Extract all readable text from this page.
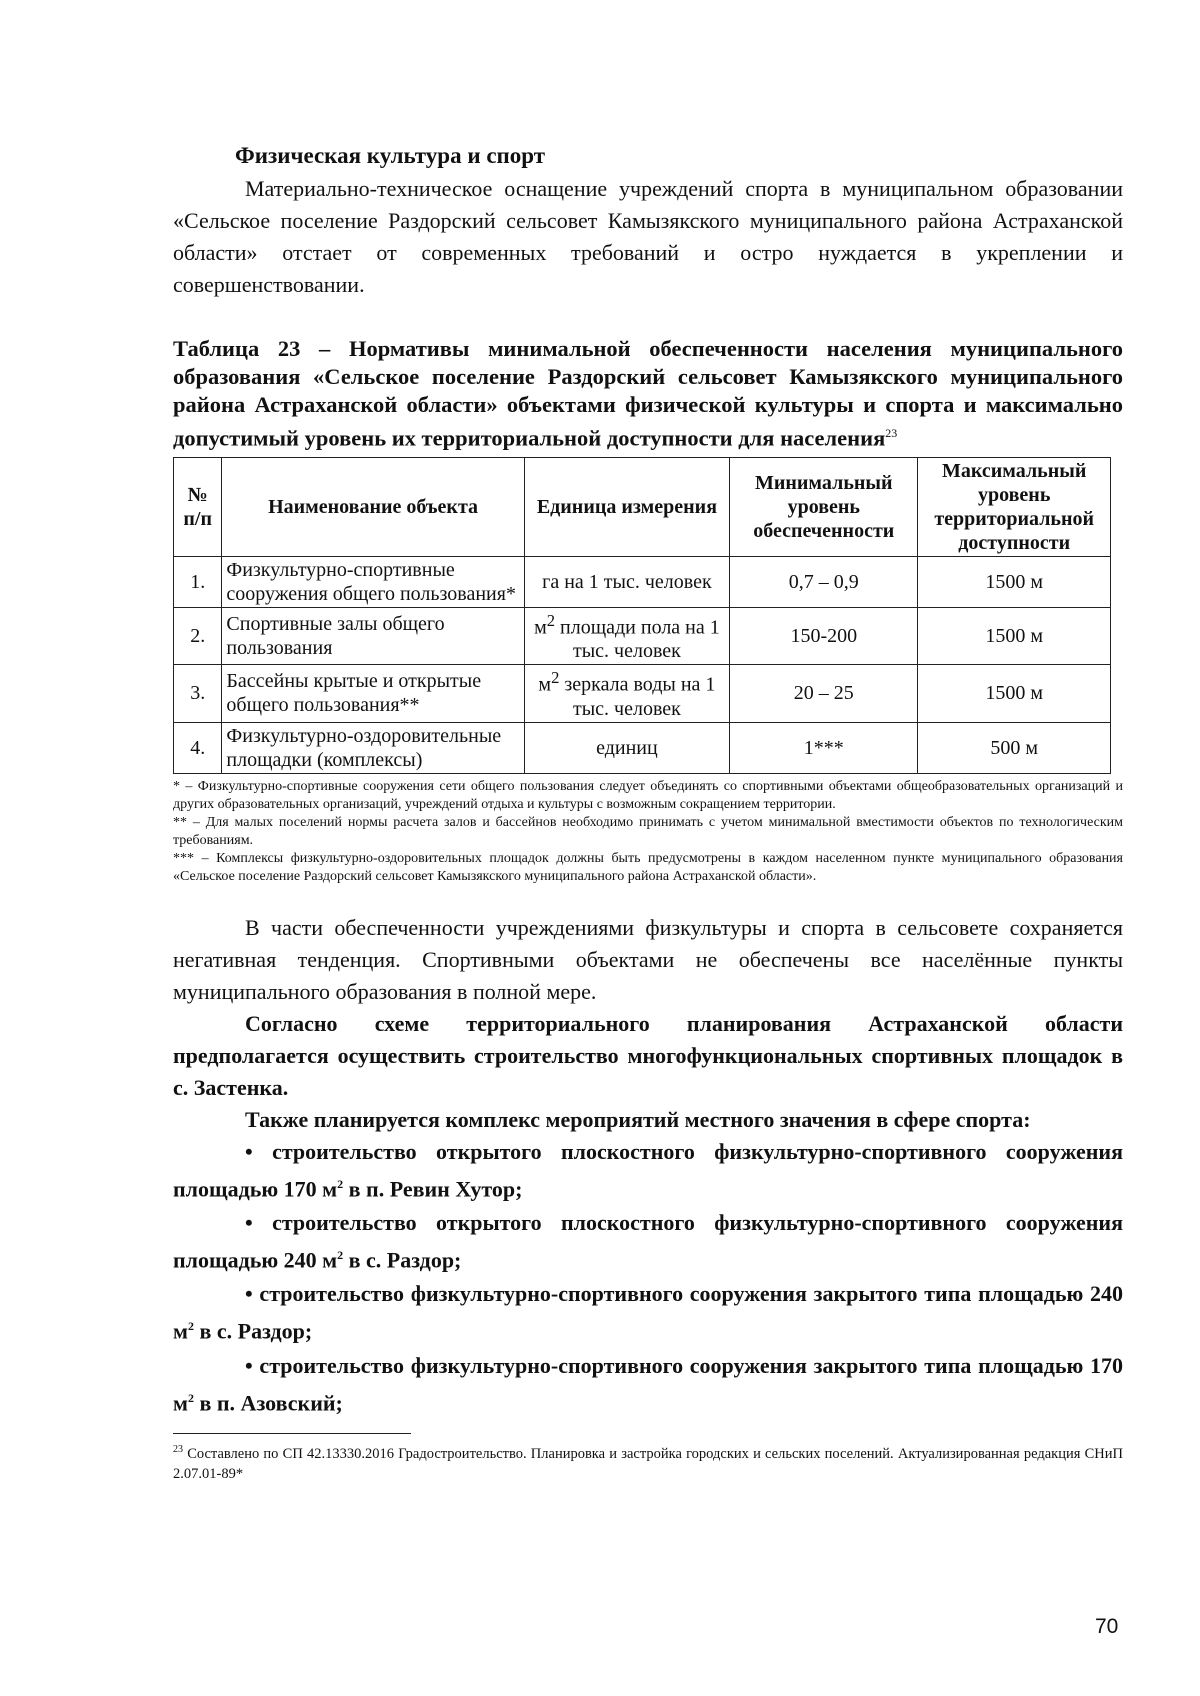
Физическая культура и спорт

Материально-техническое оснащение учреждений спорта в муниципальном образовании «Сельское поселение Раздорский сельсовет Камызякского муниципального района Астраханской области» отстает от современных требований и остро нуждается в укреплении и совершенствовании.

Таблица 23 – Нормативы минимальной обеспеченности населения муниципального образования «Сельское поселение Раздорский сельсовет Камызякского муниципального района Астраханской области» объектами физической культуры и спорта и максимально допустимый уровень их территориальной доступности для населения$^{23}$

№ п/п	Наименование объекта	Единица измерения	Минимальный уровень обеспеченности	Максимальный уровень территориальной доступности
1.	Физкультурно-спортивные сооружения общего пользования*	га на 1 тыс. человек	0,7 – 0,9	1500 м
2.	Спортивные залы общего пользования	$м^2$ площади пола на 1 тыс. человек	150-200	1500 м
3.	Бассейны крытые и открытые общего пользования**	$м^2$ зеркала воды на 1 тыс. человек	20 – 25	1500 м
4.	Физкультурно-оздоровительные площадки (комплексы)	единиц	1***	500 м

* – Физкультурно-спортивные сооружения сети общего пользования следует объединять со спортивными объектами общеобразовательных организаций и других образовательных организаций, учреждений отдыха и культуры с возможным сокращением территории.

** – Для малых поселений нормы расчета залов и бассейнов необходимо принимать с учетом минимальной вместимости объектов по технологическим требованиям.

*** – Комплексы физкультурно-оздоровительных площадок должны быть предусмотрены в каждом населенном пункте муниципального образования «Сельское поселение Раздорский сельсовет Камызякского муниципального района Астраханской области».

В части обеспеченности учреждениями физкультуры и спорта в сельсовете сохраняется негативная тенденция. Спортивными объектами не обеспечены все населённые пункты муниципального образования в полной мере.

Согласно схеме территориального планирования Астраханской области предполагается осуществить строительство многофункциональных спортивных площадок в с. Застенка.

Также планируется комплекс мероприятий местного значения в сфере спорта:

• строительство открытого плоскостного физкультурно-спортивного сооружения площадью 170 $м^2$ в п. Ревин Хутор;

• строительство открытого плоскостного физкультурно-спортивного сооружения площадью 240 $м^2$ в с. Раздор;

• строительство физкультурно-спортивного сооружения закрытого типа площадью 240 $м^2$ в с. Раздор;

• строительство физкультурно-спортивного сооружения закрытого типа площадью 170 $м^2$ в п. Азовский;

$^{23}$ Составлено по СП 42.13330.2016 Градостроительство. Планировка и застройка городских и сельских поселений. Актуализированная редакция СНиП 2.07.01-89*

70
